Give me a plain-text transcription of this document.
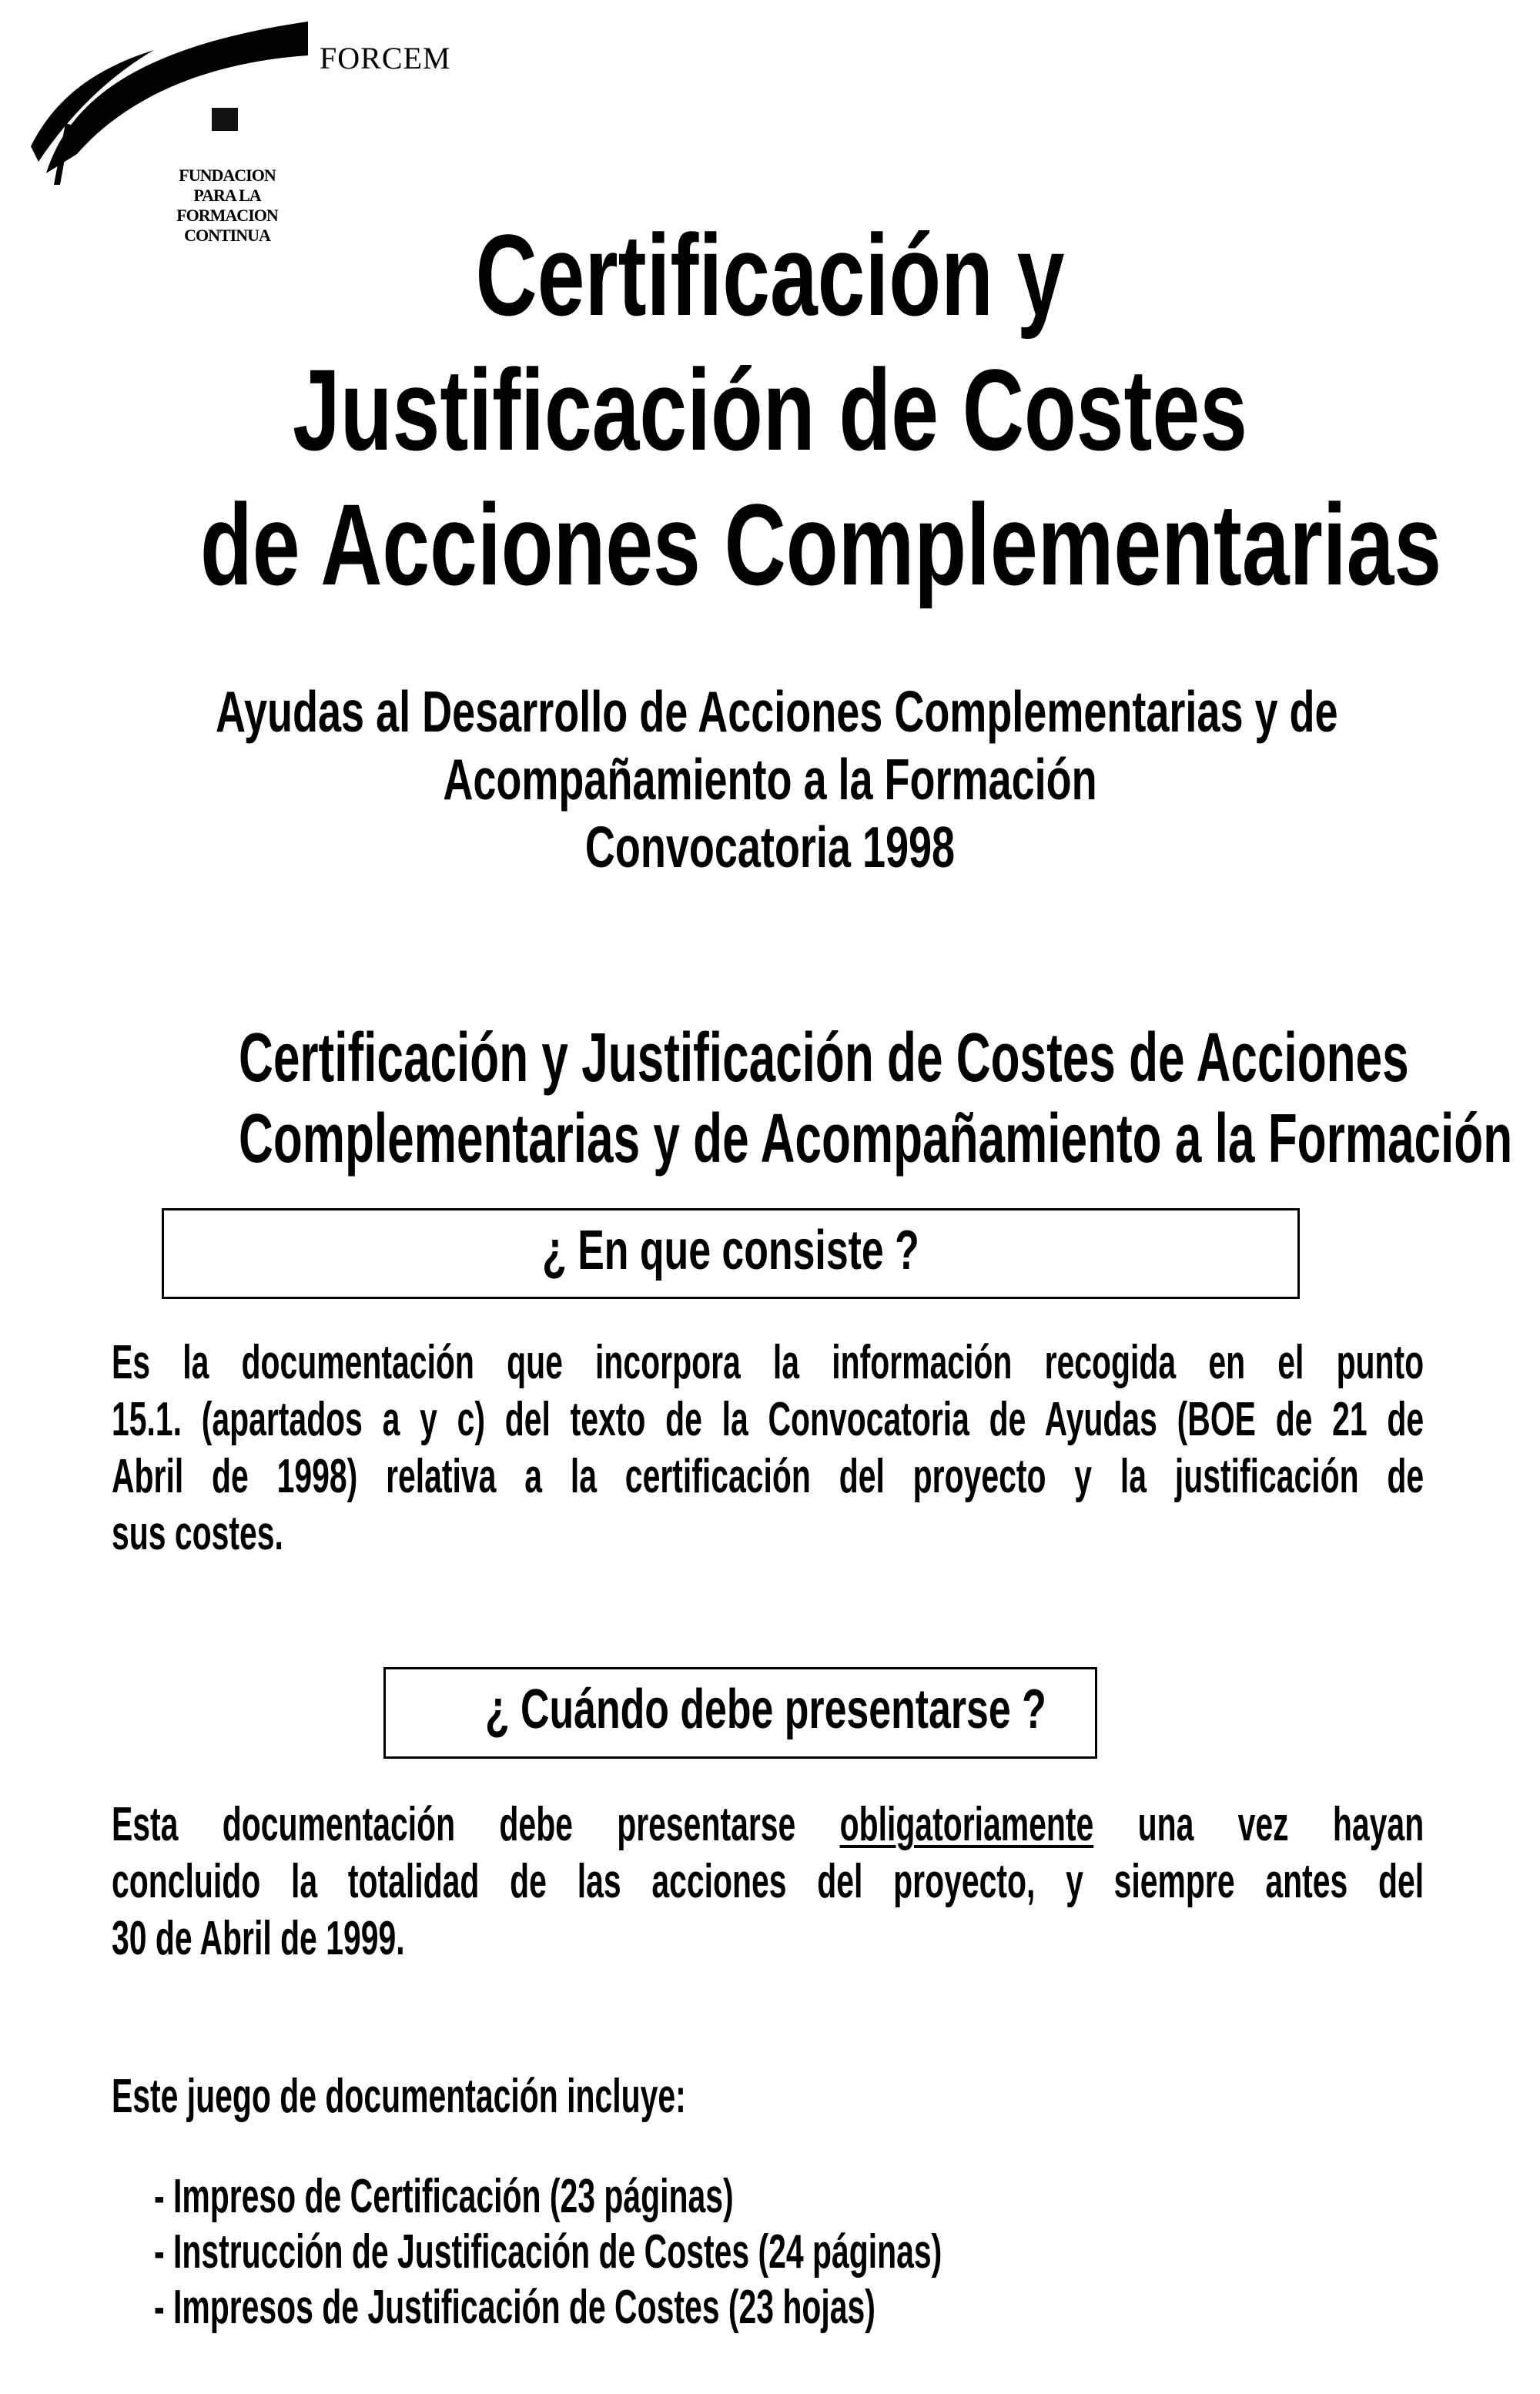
FORCEM
FUNDACION
PARA LA
FORMACION
CONTINUA	Certificación y
Justificación de Costes
de Acciones Complementarias
Ayudas al Desarrollo de Acciones Complementarias y de
Acompañamiento a la Formación
Convocatoria 1998
Certificación y Justificación de Costes de Acciones
Complementarias y de Acompañamiento a la Formación
¿ En que consiste ?
Es la documentación que incorpora la información recogida en el punto
15.1. (apartados a y c) del texto de la Convocatoria de Ayudas (BOE de 21 de
Abril de 1998) relativa a la certificación del proyecto y la justificación de
sus costes.
¿ Cuándo debe presentarse ?
Esta documentación debe presentarse obligatoriamente una vez hayan
concluido la totalidad de las acciones del proyecto, y siempre antes del
30 de Abril de 1999.
Este juego de documentación incluye:
- Impreso de Certificación (23 páginas)
- Instrucción de Justificación de Costes (24 páginas)
- Impresos de Justificación de Costes (23 hojas)
